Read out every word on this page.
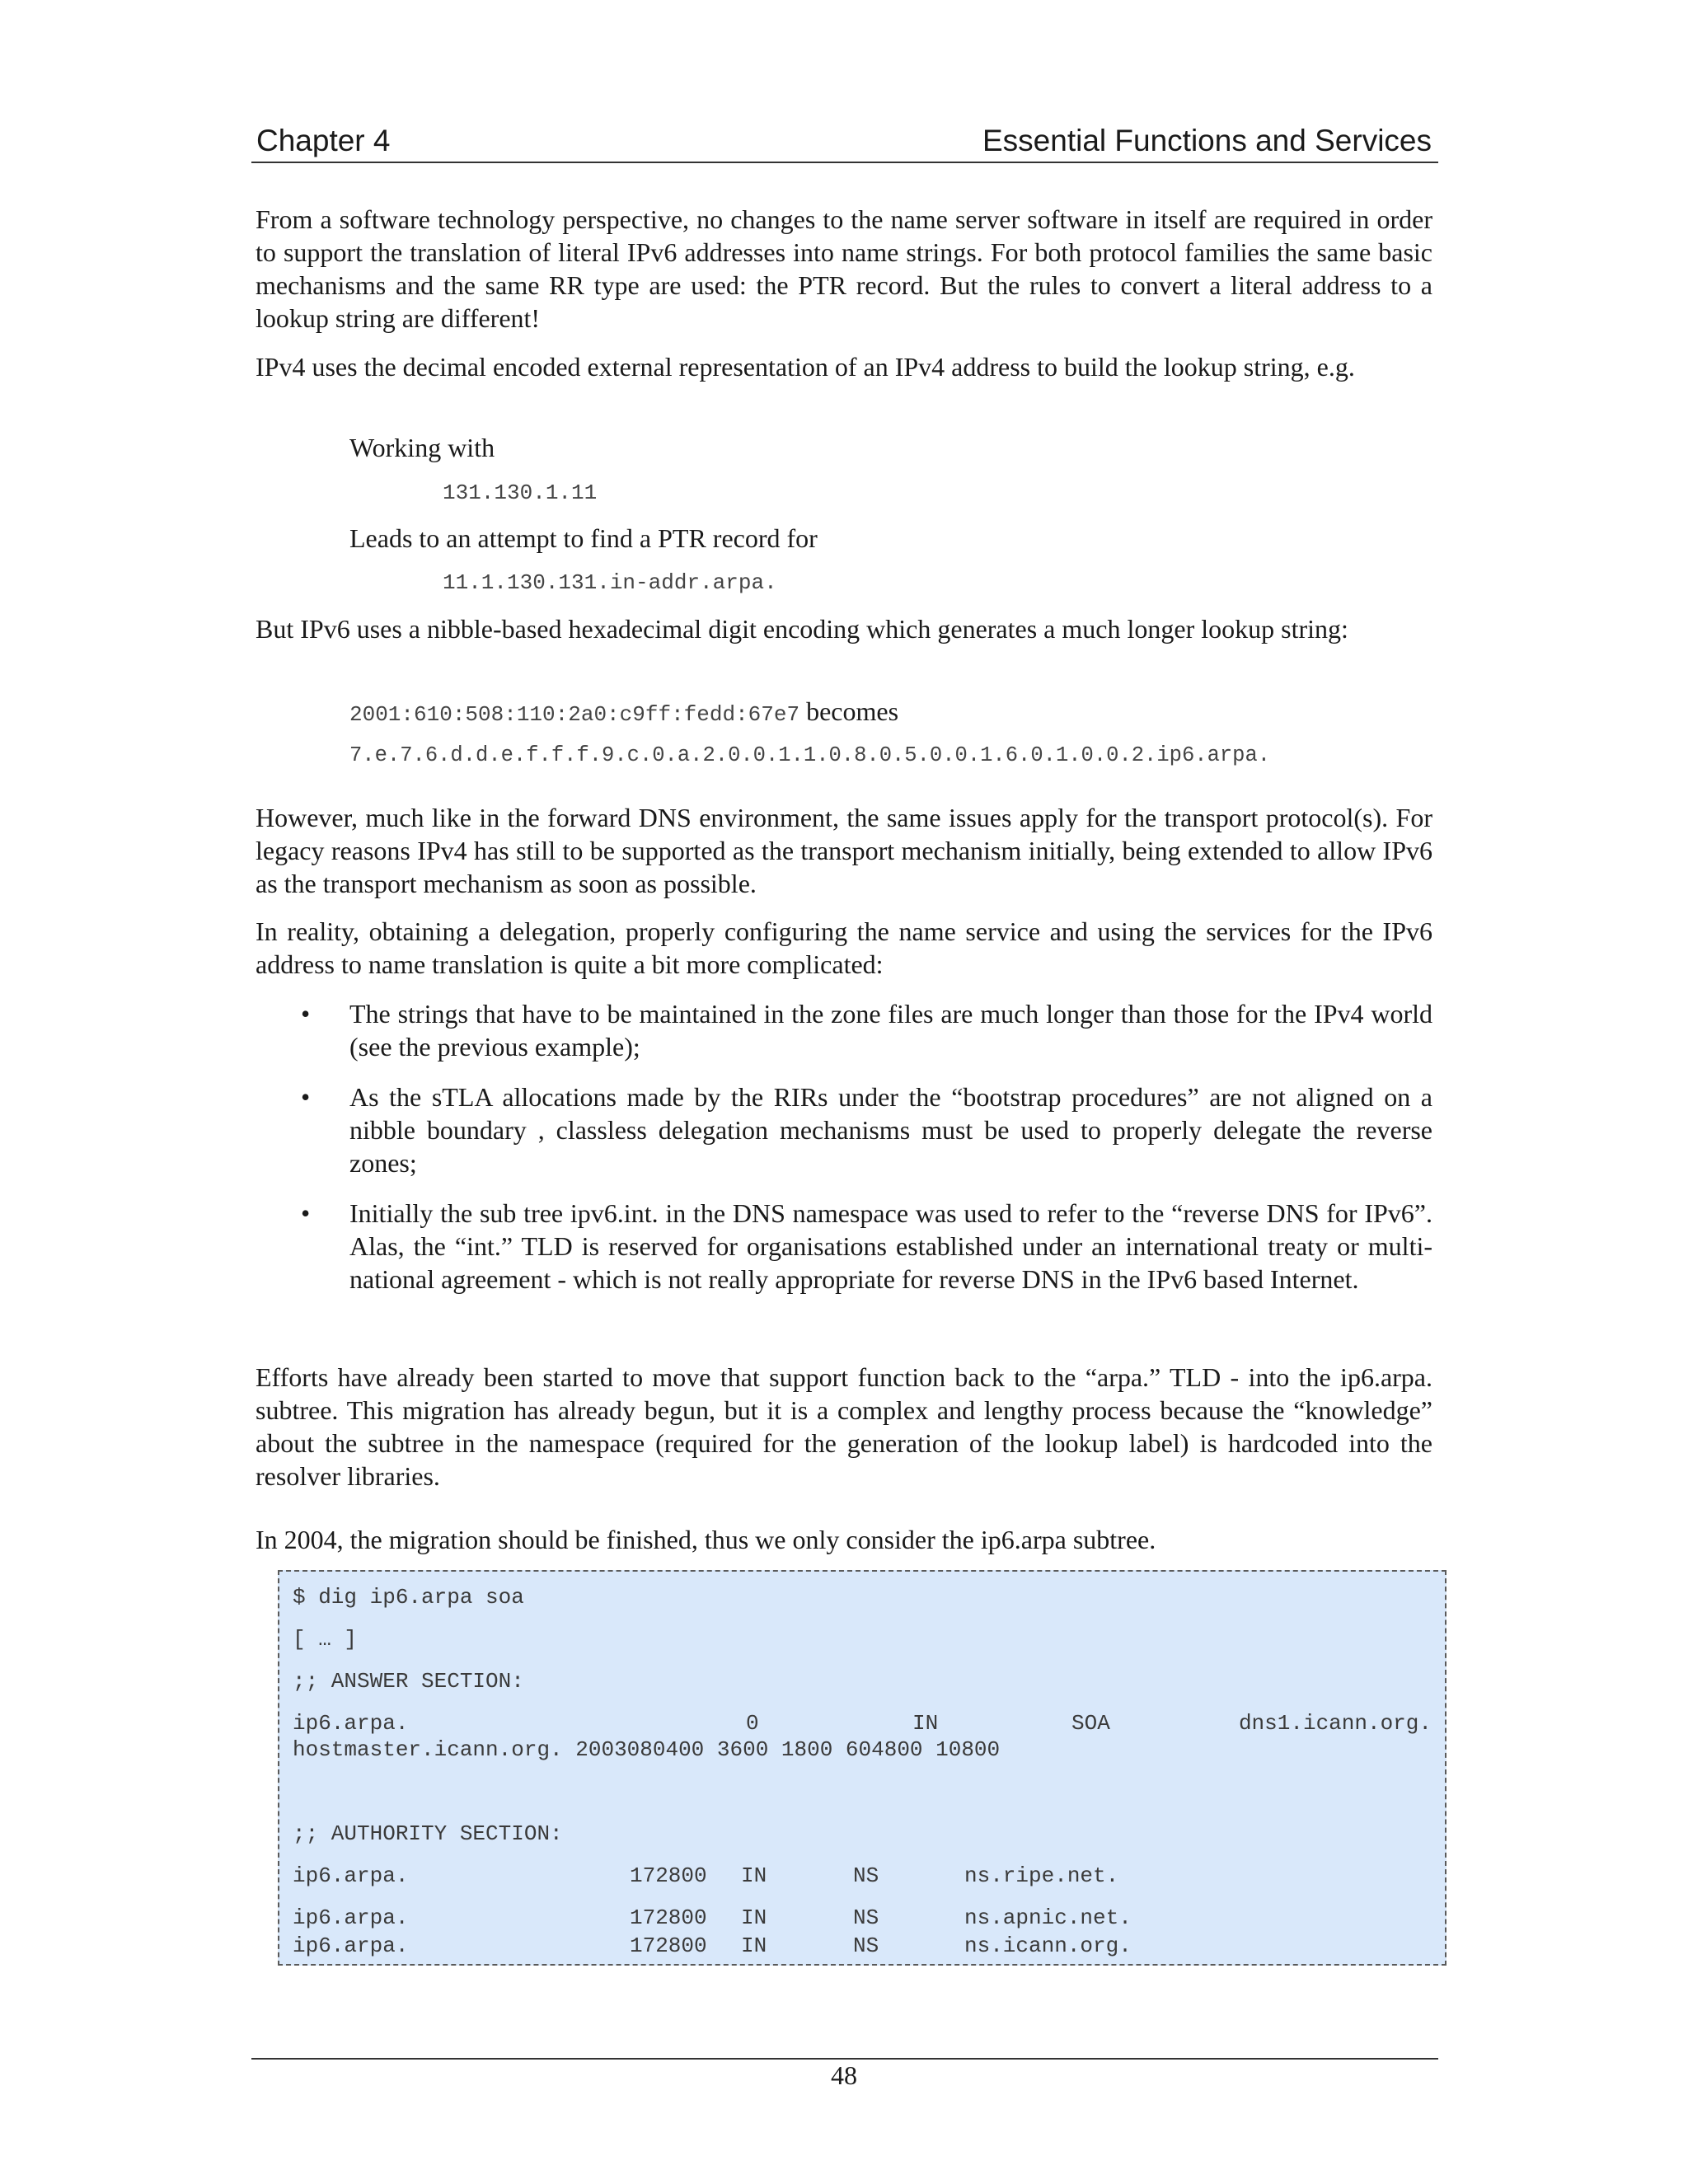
Chapter 4	Essential Functions and Services

From a software technology perspective, no changes to the name server software in itself are required in order to support the translation of literal IPv6 addresses into name strings. For both protocol families the same basic mechanisms and the same RR type are used: the PTR record. But the rules to convert a literal address to a lookup string are different!

IPv4 uses the decimal encoded external representation of an IPv4 address to build the lookup string, e.g.

Working with

131.130.1.11

Leads to an attempt to find a PTR record for

11.1.130.131.in-addr.arpa.

But IPv6 uses a nibble-based hexadecimal digit encoding which generates a much longer lookup string:

2001:610:508:110:2a0:c9ff:fedd:67e7 becomes
7.e.7.6.d.d.e.f.f.f.9.c.0.a.2.0.0.1.1.0.8.0.5.0.0.1.6.0.1.0.0.2.ip6.arpa.

However, much like in the forward DNS environment, the same issues apply for the transport protocol(s). For legacy reasons IPv4 has still to be supported as the transport mechanism initially, being extended to allow IPv6 as the transport mechanism as soon as possible.

In reality, obtaining a delegation, properly configuring the name service and using the services for the IPv6 address to name translation is quite a bit more complicated:

• The strings that have to be maintained in the zone files are much longer than those for the IPv4 world (see the previous example);

• As the sTLA allocations made by the RIRs under the “bootstrap procedures” are not aligned on a nibble boundary , classless delegation mechanisms must be used to properly delegate the reverse zones;

• Initially the sub tree ipv6.int. in the DNS namespace was used to refer to the “reverse DNS for IPv6”. Alas, the “int.” TLD is reserved for organisations established under an international treaty or multi-national agreement - which is not really appropriate for reverse DNS in the IPv6 based Internet.

Efforts have already been started to move that support function back to the “arpa.” TLD - into the ip6.arpa. subtree. This migration has already begun, but it is a complex and lengthy process because the “knowledge” about the subtree in the namespace (required for the generation of the lookup label) is hardcoded into the resolver libraries.

In 2004, the migration should be finished, thus we only consider the ip6.arpa subtree.

$ dig ip6.arpa soa
[ … ]
;; ANSWER SECTION:
ip6.arpa.	0	IN	SOA	dns1.icann.org.
hostmaster.icann.org. 2003080400 3600 1800 604800 10800
;; AUTHORITY SECTION:
ip6.arpa.	172800 IN	NS	ns.ripe.net.
ip6.arpa.	172800 IN	NS	ns.apnic.net.
ip6.arpa.	172800 IN	NS	ns.icann.org.
48
